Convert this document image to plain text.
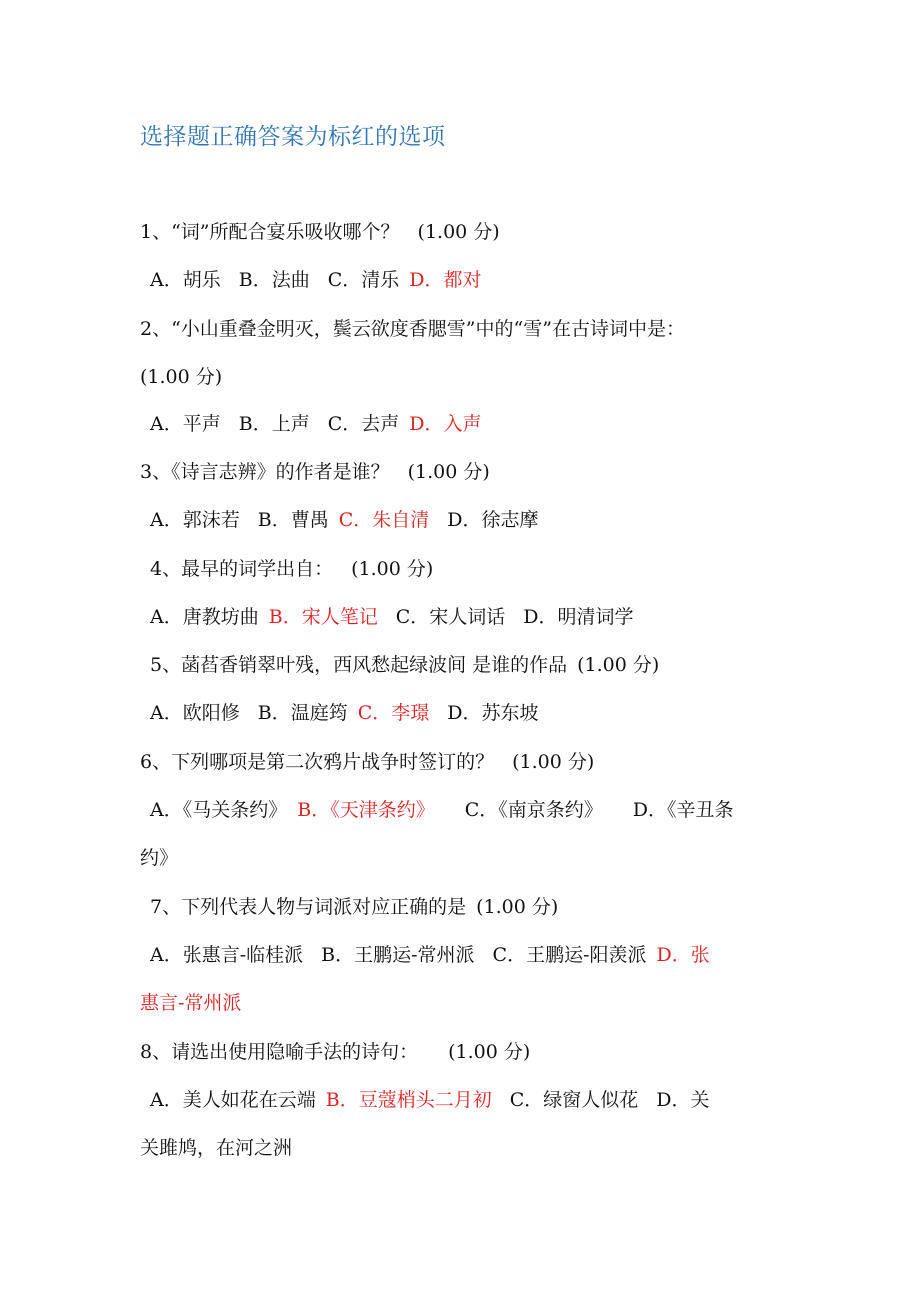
选择题正确答案为标红的选项
1、“词”所配合宴乐吸收哪个？ (1.00 分)
A．胡乐 B．法曲 C．清乐 D．都对
2、“小山重叠金明灭，鬓云欲度香腮雪”中的“雪”在古诗词中是：
(1.00 分)
A．平声 B．上声 C．去声 D．入声
3、《诗言志辨》的作者是谁？ (1.00 分)
A．郭沫若 B．曹禺 C．朱自清 D．徐志摩
4、最早的词学出自： (1.00 分)
A．唐教坊曲 B．宋人笔记 C．宋人词话 D．明清词学
5、菡萏香销翠叶残，西风愁起绿波间 是谁的作品 (1.00 分)
A．欧阳修 B．温庭筠 C．李璟 D．苏东坡
6、下列哪项是第二次鸦片战争时签订的？ (1.00 分)
A．《马关条约》 B．《天津条约》 C．《南京条约》 D．《辛丑条
约》
7、下列代表人物与词派对应正确的是 (1.00 分)
A．张惠言-临桂派 B．王鹏运-常州派 C．王鹏运-阳羡派 D．张
惠言-常州派
8、请选出使用隐喻手法的诗句： (1.00 分)
A．美人如花在云端 B．豆蔻梢头二月初 C．绿窗人似花 D．关
关雎鸠，在河之洲
